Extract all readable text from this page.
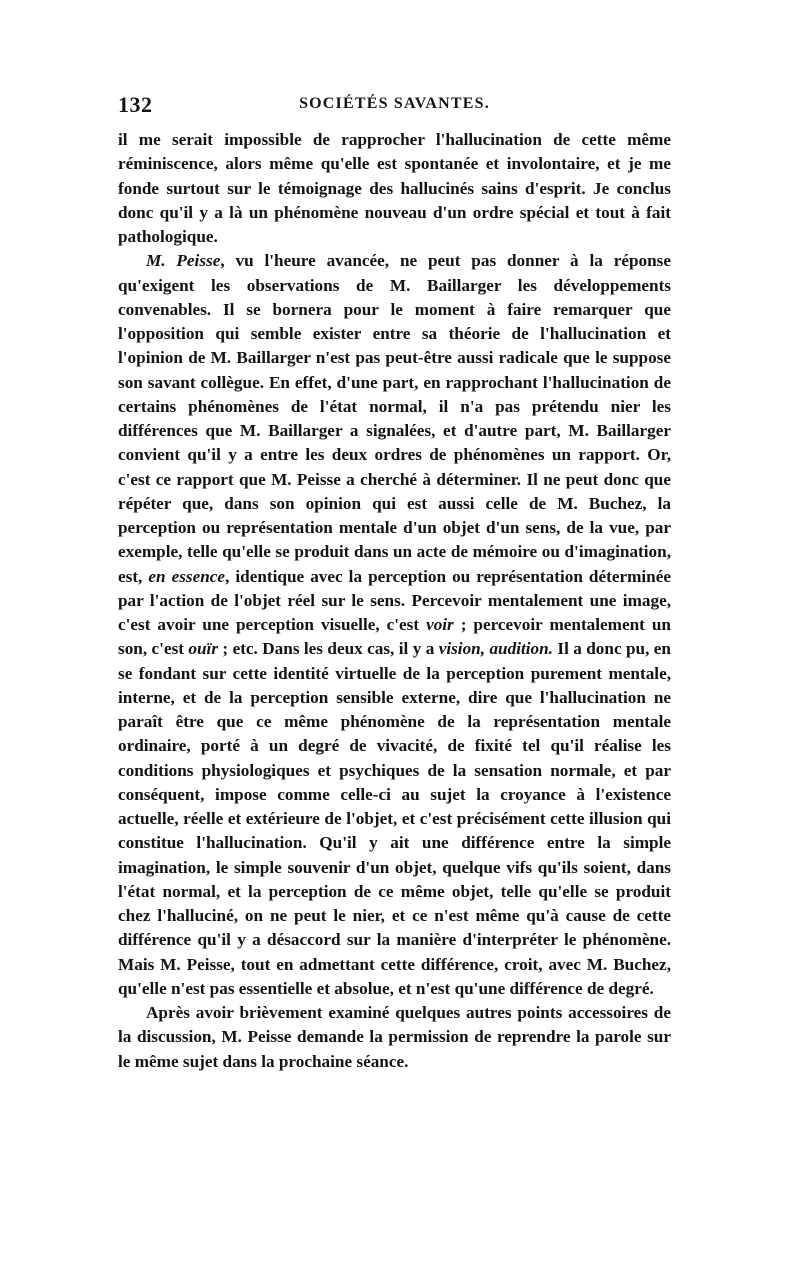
132	SOCIÉTÉS SAVANTES.

il me serait impossible de rapprocher l'hallucination de cette même réminiscence, alors même qu'elle est spontanée et involontaire, et je me fonde surtout sur le témoignage des hallucinés sains d'esprit. Je conclus donc qu'il y a là un phénomène nouveau d'un ordre spécial et tout à fait pathologique.

M. Peisse, vu l'heure avancée, ne peut pas donner à la réponse qu'exigent les observations de M. Baillarger les développements convenables. Il se bornera pour le moment à faire remarquer que l'opposition qui semble exister entre sa théorie de l'hallucination et l'opinion de M. Baillarger n'est pas peut-être aussi radicale que le suppose son savant collègue. En effet, d'une part, en rapprochant l'hallucination de certains phénomènes de l'état normal, il n'a pas prétendu nier les différences que M. Baillarger a signalées, et d'autre part, M. Baillarger convient qu'il y a entre les deux ordres de phénomènes un rapport. Or, c'est ce rapport que M. Peisse a cherché à déterminer. Il ne peut donc que répéter que, dans son opinion qui est aussi celle de M. Buchez, la perception ou représentation mentale d'un objet d'un sens, de la vue, par exemple, telle qu'elle se produit dans un acte de mémoire ou d'imagination, est, en essence, identique avec la perception ou représentation déterminée par l'action de l'objet réel sur le sens. Percevoir mentalement une image, c'est avoir une perception visuelle, c'est voir ; percevoir mentalement un son, c'est ouïr ; etc. Dans les deux cas, il y a vision, audition. Il a donc pu, en se fondant sur cette identité virtuelle de la perception purement mentale, interne, et de la perception sensible externe, dire que l'hallucination ne paraît être que ce même phénomène de la représentation mentale ordinaire, porté à un degré de vivacité, de fixité tel qu'il réalise les conditions physiologiques et psychiques de la sensation normale, et par conséquent, impose comme celle-ci au sujet la croyance à l'existence actuelle, réelle et extérieure de l'objet, et c'est précisément cette illusion qui constitue l'hallucination. Qu'il y ait une différence entre la simple imagination, le simple souvenir d'un objet, quelque vifs qu'ils soient, dans l'état normal, et la perception de ce même objet, telle qu'elle se produit chez l'halluciné, on ne peut le nier, et ce n'est même qu'à cause de cette différence qu'il y a désaccord sur la manière d'interpréter le phénomène. Mais M. Peisse, tout en admettant cette différence, croit, avec M. Buchez, qu'elle n'est pas essentielle et absolue, et n'est qu'une différence de degré.

Après avoir brièvement examiné quelques autres points accessoires de la discussion, M. Peisse demande la permission de reprendre la parole sur le même sujet dans la prochaine séance.
